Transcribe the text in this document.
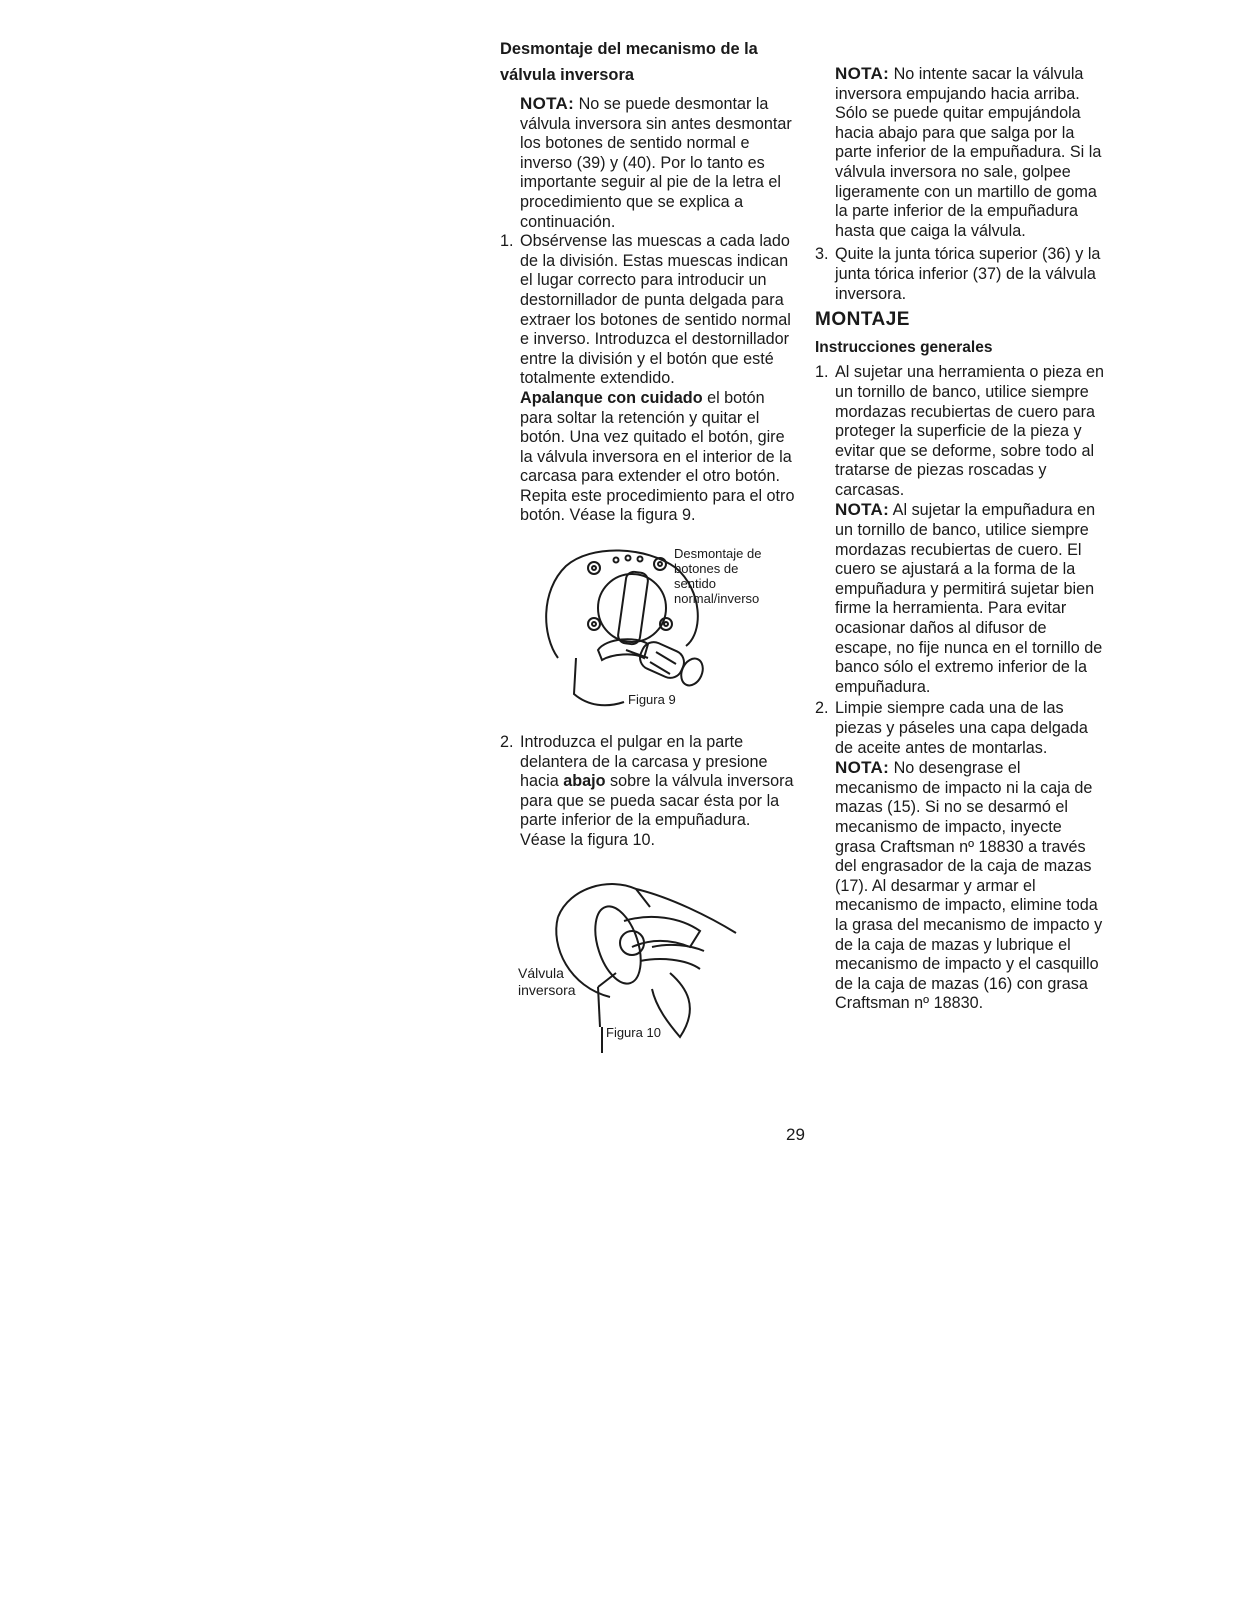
Desmontaje del mecanismo de la
válvula inversora

NOTA: No se puede desmontar la válvula inversora sin antes desmontar los botones de sentido normal e inverso (39) y (40). Por lo tanto es importante seguir al pie de la letra el procedimiento que se explica a continuación.

1. Obsérvense las muescas a cada lado de la división. Estas muescas indican el lugar correcto para introducir un destornillador de punta delgada para extraer los botones de sentido normal e inverso. Introduzca el destornillador entre la división y el botón que esté totalmente extendido.
Apalanque con cuidado el botón para soltar la retención y quitar el botón. Una vez quitado el botón, gire la válvula inversora en el interior de la carcasa para extender el otro botón. Repita este procedimiento para el otro botón. Véase la figura 9.
Desmontaje de
botones de
sentido
normal/inverso
Figura 9
2. Introduzca el pulgar en la parte delantera de la carcasa y presione hacia abajo sobre la válvula inversora para que se pueda sacar ésta por la parte inferior de la empuñadura. Véase la figura 10.
Válvula
inversora
Figura 10

NOTA: No intente sacar la válvula inversora empujando hacia arriba. Sólo se puede quitar empujándola hacia abajo para que salga por la parte inferior de la empuñadura. Si la válvula inversora no sale, golpee ligeramente con un martillo de goma la parte inferior de la empuñadura hasta que caiga la válvula.

3. Quite la junta tórica superior (36) y la junta tórica inferior (37) de la válvula inversora.
MONTAJE
Instrucciones generales
1. Al sujetar una herramienta o pieza en un tornillo de banco, utilice siempre mordazas recubiertas de cuero para proteger la superficie de la pieza y evitar que se deforme, sobre todo al tratarse de piezas roscadas y carcasas.
NOTA: Al sujetar la empuñadura en un tornillo de banco, utilice siempre mordazas recubiertas de cuero. El cuero se ajustará a la forma de la empuñadura y permitirá sujetar bien firme la herramienta. Para evitar ocasionar daños al difusor de escape, no fije nunca en el tornillo de banco sólo el extremo inferior de la empuñadura.
2. Limpie siempre cada una de las piezas y páseles una capa delgada de aceite antes de montarlas.
NOTA: No desengrase el mecanismo de impacto ni la caja de mazas (15). Si no se desarmó el mecanismo de impacto, inyecte grasa Craftsman nº 18830 a través del engrasador de la caja de mazas (17). Al desarmar y armar el mecanismo de impacto, elimine toda la grasa del mecanismo de impacto y de la caja de mazas y lubrique el mecanismo de impacto y el casquillo de la caja de mazas (16) con grasa Craftsman nº 18830.
29
